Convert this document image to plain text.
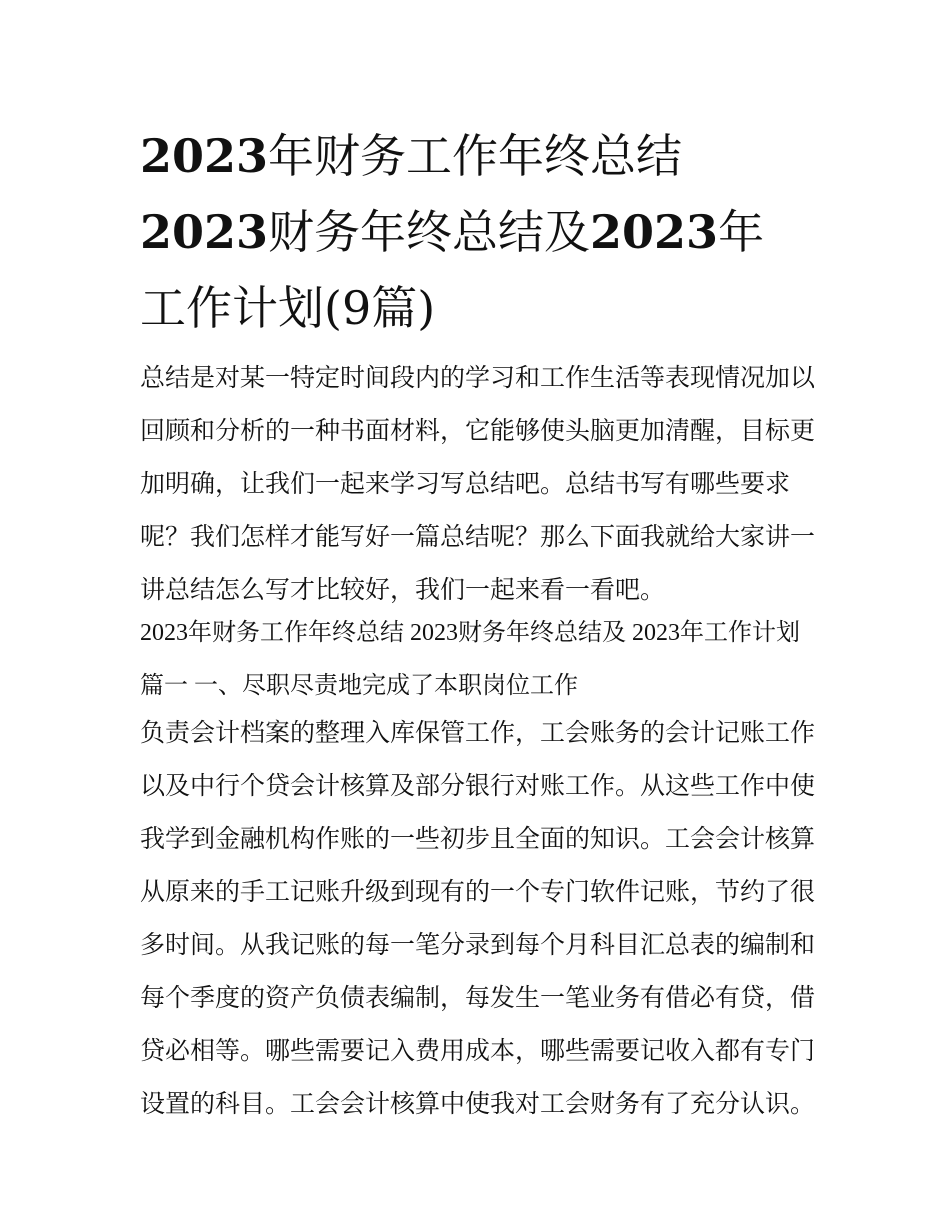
2023年财务工作年终总结
2023财务年终总结及2023年
工作计划(9篇)

总结是对某一特定时间段内的学习和工作生活等表现情况加以回顾和分析的一种书面材料，它能够使头脑更加清醒，目标更加明确，让我们一起来学习写总结吧。总结书写有哪些要求呢？我们怎样才能写好一篇总结呢？那么下面我就给大家讲一讲总结怎么写才比较好，我们一起来看一看吧。

2023年财务工作年终总结 2023财务年终总结及 2023年工作计划篇一 一、尽职尽责地完成了本职岗位工作

负责会计档案的整理入库保管工作，工会账务的会计记账工作以及中行个贷会计核算及部分银行对账工作。从这些工作中使我学到金融机构作账的一些初步且全面的知识。工会会计核算从原来的手工记账升级到现有的一个专门软件记账，节约了很多时间。从我记账的每一笔分录到每个月科目汇总表的编制和每个季度的资产负债表编制，每发生一笔业务有借必有贷，借贷必相等。哪些需要记入费用成本，哪些需要记收入都有专门设置的科目。工会会计核算中使我对工会财务有了充分认识。
